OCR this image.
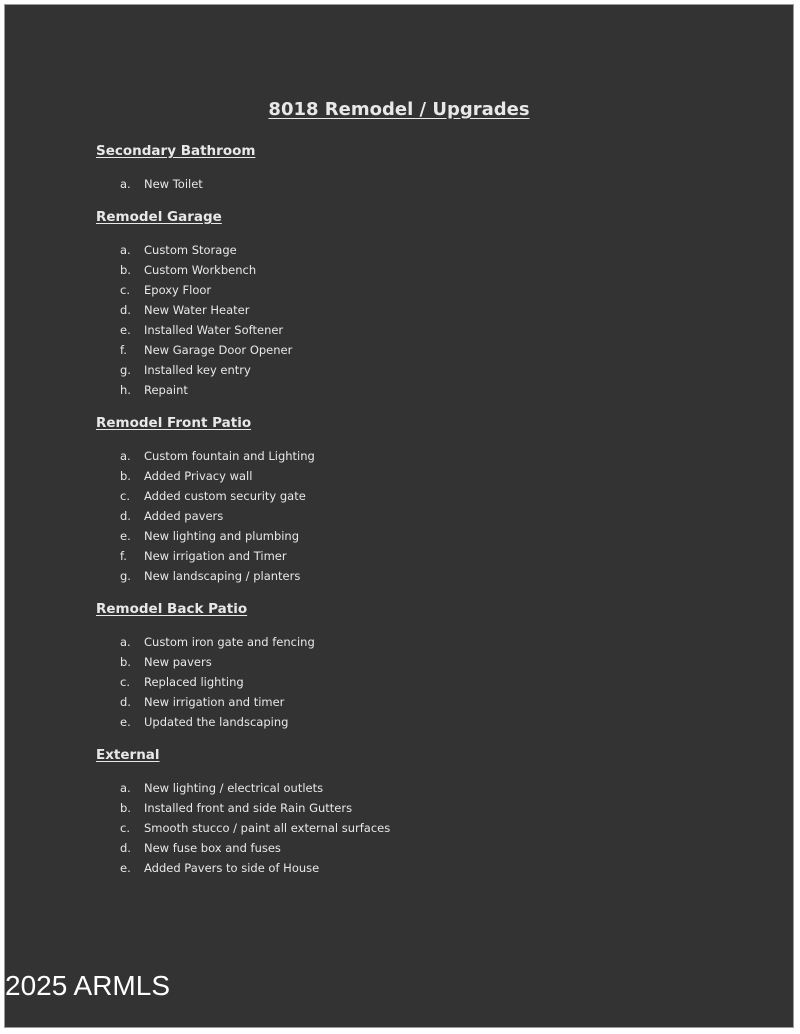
8018 Remodel / Upgrades
Secondary Bathroom
a. New Toilet
Remodel Garage
a. Custom Storage
b. Custom Workbench
c. Epoxy Floor
d. New Water Heater
e. Installed Water Softener
f. New Garage Door Opener
g. Installed key entry
h. Repaint
Remodel Front Patio
a. Custom fountain and Lighting
b. Added Privacy wall
c. Added custom security gate
d. Added pavers
e. New lighting and plumbing
f. New irrigation and Timer
g. New landscaping / planters
Remodel Back Patio
a. Custom iron gate and fencing
b. New pavers
c. Replaced lighting
d. New irrigation and timer
e. Updated the landscaping
External
a. New lighting / electrical outlets
b. Installed front and side Rain Gutters
c. Smooth stucco / paint all external surfaces
d. New fuse box and fuses
e. Added Pavers to side of House
2025 ARMLS
